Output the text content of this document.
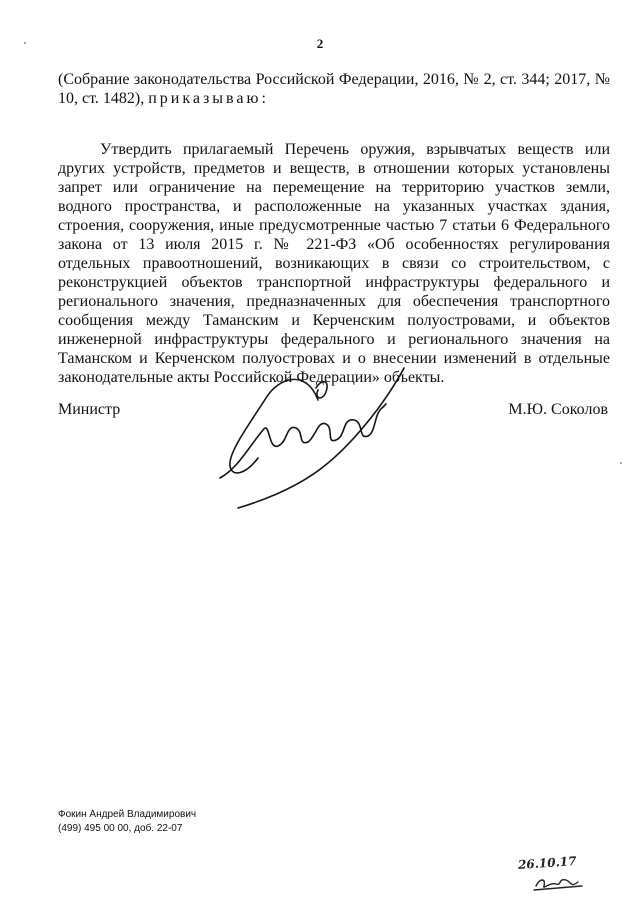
2
(Собрание законодательства Российской Федерации, 2016, № 2, ст. 344; 2017, № 10, ст. 1482), приказываю:
Утвердить прилагаемый Перечень оружия, взрывчатых веществ или других устройств, предметов и веществ, в отношении которых установлены запрет или ограничение на перемещение на территорию участков земли, водного пространства, и расположенные на указанных участках здания, строения, сооружения, иные предусмотренные частью 7 статьи 6 Федерального закона от 13 июля 2015 г. № 221-ФЗ «Об особенностях регулирования отдельных правоотношений, возникающих в связи со строительством, с реконструкцией объектов транспортной инфраструктуры федерального и регионального значения, предназначенных для обеспечения транспортного сообщения между Таманским и Керченским полуостровами, и объектов инженерной инфраструктуры федерального и регионального значения на Таманском и Керченском полуостровах и о внесении изменений в отдельные законодательные акты Российской Федерации» объекты.
Министр	М.Ю. Соколов
Фокин Андрей Владимирович
(499) 495 00 00, доб. 22-07
26.10.17
